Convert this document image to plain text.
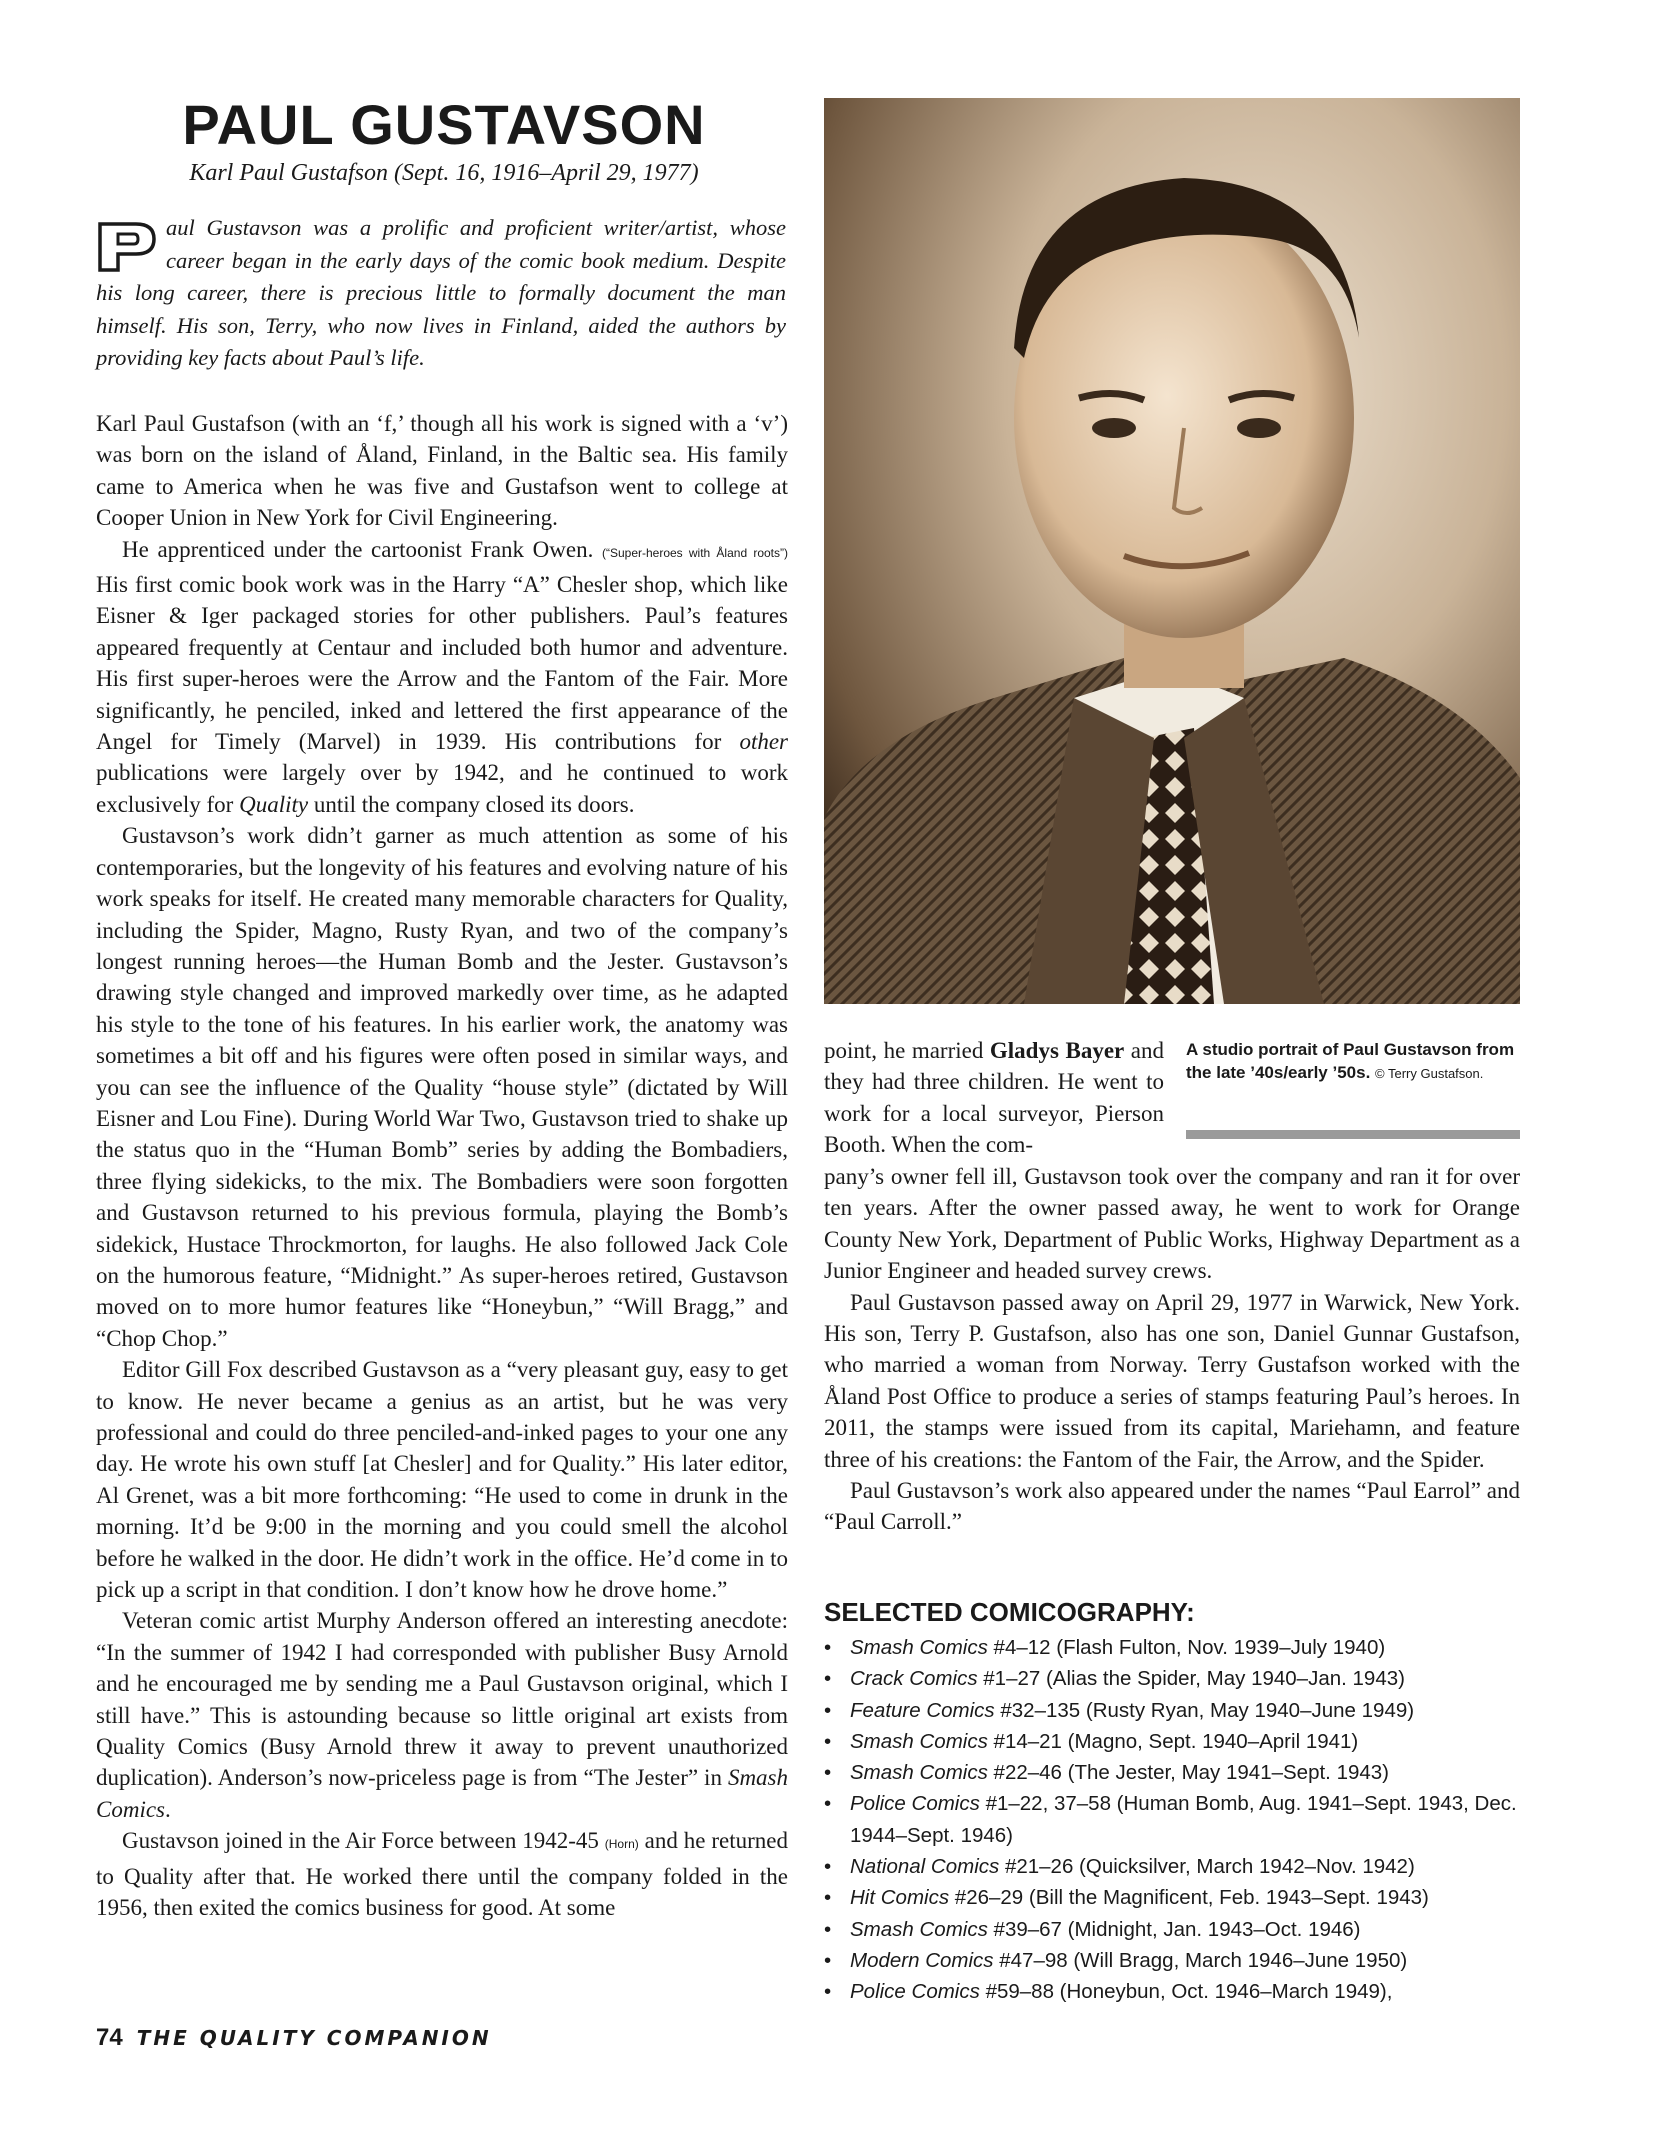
PAUL GUSTAVSON
Karl Paul Gustafson (Sept. 16, 1916–April 29, 1977)

aul Gustavson was a prolific and proficient writer/artist, whose career began in the early days of the comic book medium. Despite his long career, there is precious little to formally document the man himself. His son, Terry, who now lives in Finland, aided the authors by providing key facts about Paul’s life.

Karl Paul Gustafson (with an ‘f,’ though all his work is signed with a ‘v’) was born on the island of Åland, Finland, in the Baltic sea. His family came to America when he was five and Gustafson went to college at Cooper Union in New York for Civil Engineering.

He apprenticed under the cartoonist Frank Owen. (“Super-heroes with Åland roots”) His first comic book work was in the Harry “A” Chesler shop, which like Eisner & Iger packaged stories for other publishers. Paul’s features appeared frequently at Centaur and included both humor and adventure. His first super-heroes were the Arrow and the Fantom of the Fair. More significantly, he penciled, inked and lettered the first appearance of the Angel for Timely (Marvel) in 1939. His contributions for other publications were largely over by 1942, and he continued to work exclusively for Quality until the company closed its doors.

Gustavson’s work didn’t garner as much attention as some of his contemporaries, but the longevity of his features and evolving nature of his work speaks for itself. He created many memorable characters for Quality, including the Spider, Magno, Rusty Ryan, and two of the company’s longest running heroes—the Human Bomb and the Jester. Gustavson’s drawing style changed and improved markedly over time, as he adapted his style to the tone of his features. In his earlier work, the anatomy was sometimes a bit off and his figures were often posed in similar ways, and you can see the influence of the Quality “house style” (dictated by Will Eisner and Lou Fine). During World War Two, Gustavson tried to shake up the status quo in the “Human Bomb” series by adding the Bombadiers, three flying sidekicks, to the mix. The Bombadiers were soon forgotten and Gustavson returned to his previous formula, playing the Bomb’s sidekick, Hustace Throckmorton, for laughs. He also followed Jack Cole on the humorous feature, “Midnight.” As super-heroes retired, Gustavson moved on to more humor features like “Honeybun,” “Will Bragg,” and “Chop Chop.”

Editor Gill Fox described Gustavson as a “very pleasant guy, easy to get to know. He never became a genius as an artist, but he was very professional and could do three penciled-and-inked pages to your one any day. He wrote his own stuff [at Chesler] and for Quality.” His later editor, Al Grenet, was a bit more forthcoming: “He used to come in drunk in the morning. It’d be 9:00 in the morning and you could smell the alcohol before he walked in the door. He didn’t work in the office. He’d come in to pick up a script in that condition. I don’t know how he drove home.”

Veteran comic artist Murphy Anderson offered an interesting anecdote: “In the summer of 1942 I had corresponded with publisher Busy Arnold and he encouraged me by sending me a Paul Gustavson original, which I still have.” This is astounding because so little original art exists from Quality Comics (Busy Arnold threw it away to prevent unauthorized duplication). Anderson’s now-priceless page is from “The Jester” in Smash Comics.

Gustavson joined in the Air Force between 1942-45 (Horn) and he returned to Quality after that. He worked there until the company folded in the 1956, then exited the comics business for good. At some

point, he married Gladys Bayer and they had three children. He went to work for a local surveyor, Pierson Booth. When the com-

A studio portrait of Paul Gustavson from the late ’40s/early ’50s. © Terry Gustafson.

pany’s owner fell ill, Gustavson took over the company and ran it for over ten years. After the owner passed away, he went to work for Orange County New York, Department of Public Works, Highway Department as a Junior Engineer and headed survey crews.

Paul Gustavson passed away on April 29, 1977 in Warwick, New York. His son, Terry P. Gustafson, also has one son, Daniel Gunnar Gustafson, who married a woman from Norway. Terry Gustafson worked with the Åland Post Office to produce a series of stamps featuring Paul’s heroes. In 2011, the stamps were issued from its capital, Mariehamn, and feature three of his creations: the Fantom of the Fair, the Arrow, and the Spider.

Paul Gustavson’s work also appeared under the names “Paul Earrol” and “Paul Carroll.”

SELECTED COMICOGRAPHY:
• Smash Comics #4–12 (Flash Fulton, Nov. 1939–July 1940)
• Crack Comics #1–27 (Alias the Spider, May 1940–Jan. 1943)
• Feature Comics #32–135 (Rusty Ryan, May 1940–June 1949)
• Smash Comics #14–21 (Magno, Sept. 1940–April 1941)
• Smash Comics #22–46 (The Jester, May 1941–Sept. 1943)
• Police Comics #1–22, 37–58 (Human Bomb, Aug. 1941–Sept. 1943, Dec. 1944–Sept. 1946)
• National Comics #21–26 (Quicksilver, March 1942–Nov. 1942)
• Hit Comics #26–29 (Bill the Magnificent, Feb. 1943–Sept. 1943)
• Smash Comics #39–67 (Midnight, Jan. 1943–Oct. 1946)
• Modern Comics #47–98 (Will Bragg, March 1946–June 1950)
• Police Comics #59–88 (Honeybun, Oct. 1946–March 1949),
74 THE QUALITY COMPANION
